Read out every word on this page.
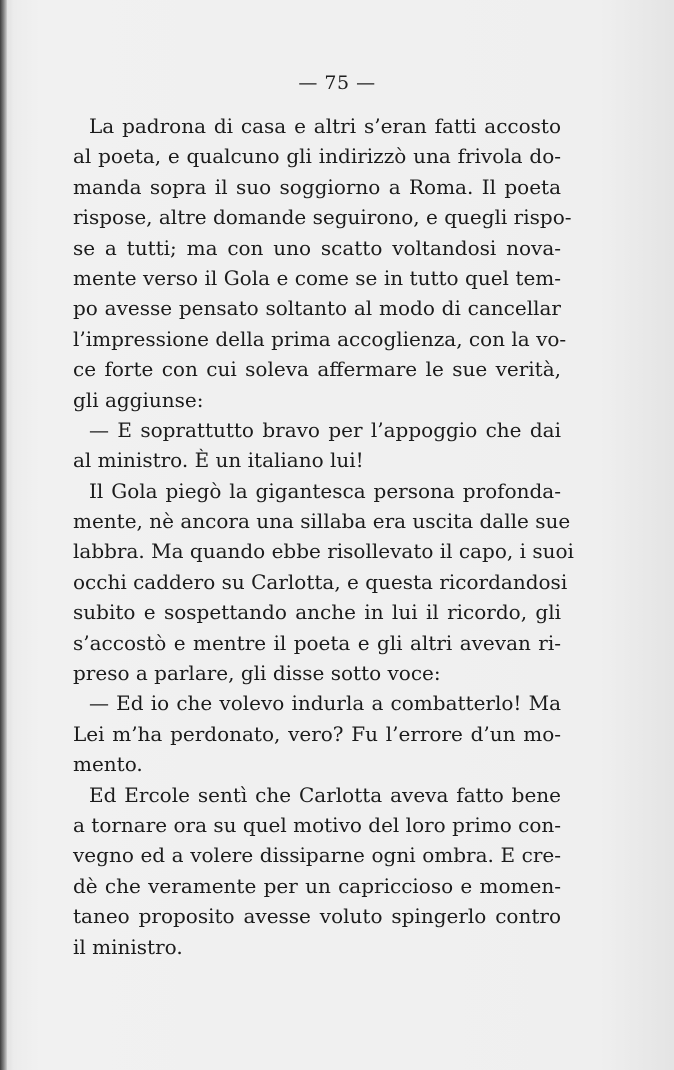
— 75 —
La padrona di casa e altri s’eran fatti accosto
al poeta, e qualcuno gli indirizzò una frivola do-
manda sopra il suo soggiorno a Roma. Il poeta
rispose, altre domande seguirono, e quegli rispo-
se a tutti; ma con uno scatto voltandosi nova-
mente verso il Gola e come se in tutto quel tem-
po avesse pensato soltanto al modo di cancellar
l’impressione della prima accoglienza, con la vo-
ce forte con cui soleva affermare le sue verità,
gli aggiunse:
— E soprattutto bravo per l’appoggio che dai
al ministro. È un italiano lui!
Il Gola piegò la gigantesca persona profonda-
mente, nè ancora una sillaba era uscita dalle sue
labbra. Ma quando ebbe risollevato il capo, i suoi
occhi caddero su Carlotta, e questa ricordandosi
subito e sospettando anche in lui il ricordo, gli
s’accostò e mentre il poeta e gli altri avevan ri-
preso a parlare, gli disse sotto voce:
— Ed io che volevo indurla a combatterlo! Ma
Lei m’ha perdonato, vero? Fu l’errore d’un mo-
mento.
Ed Ercole sentì che Carlotta aveva fatto bene
a tornare ora su quel motivo del loro primo con-
vegno ed a volere dissiparne ogni ombra. E cre-
dè che veramente per un capriccioso e momen-
taneo proposito avesse voluto spingerlo contro
il ministro.
